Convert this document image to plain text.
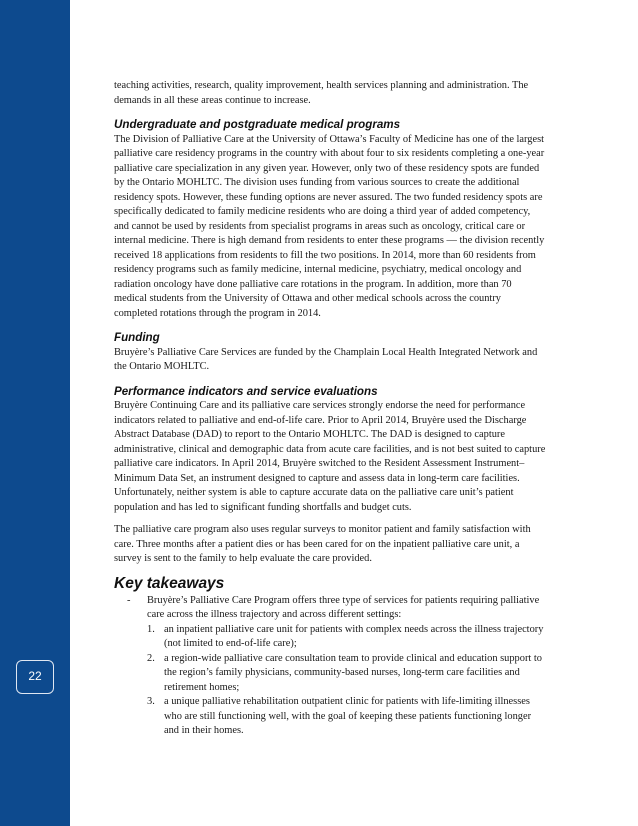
22

teaching activities, research, quality improvement, health services planning and administration. The demands in all these areas continue to increase.

Undergraduate and postgraduate medical programs

The Division of Palliative Care at the University of Ottawa’s Faculty of Medicine has one of the largest palliative care residency programs in the country with about four to six residents completing a one-year palliative care specialization in any given year. However, only two of these residency spots are funded by the Ontario MOHLTC. The division uses funding from various sources to create the additional residency spots. However, these funding options are never assured. The two funded residency spots are specifically dedicated to family medicine residents who are doing a third year of added competency, and cannot be used by residents from specialist programs in areas such as oncology, critical care or internal medicine. There is high demand from residents to enter these programs — the division recently received 18 applications from residents to fill the two positions. In 2014, more than 60 residents from residency programs such as family medicine, internal medicine, psychiatry, medical oncology and radiation oncology have done palliative care rotations in the program. In addition, more than 70 medical students from the University of Ottawa and other medical schools across the country completed rotations through the program in 2014.

Funding

Bruyère’s Palliative Care Services are funded by the Champlain Local Health Integrated Network and the Ontario MOHLTC.

Performance indicators and service evaluations

Bruyère Continuing Care and its palliative care services strongly endorse the need for performance indicators related to palliative and end-of-life care. Prior to April 2014, Bruyère used the Discharge Abstract Database (DAD) to report to the Ontario MOHLTC. The DAD is designed to capture administrative, clinical and demographic data from acute care facilities, and is not best suited to capture palliative care indicators. In April 2014, Bruyère switched to the Resident Assessment Instrument–Minimum Data Set, an instrument designed to capture and assess data in long-term care facilities. Unfortunately, neither system is able to capture accurate data on the palliative care unit’s patient population and has led to significant funding shortfalls and budget cuts.

The palliative care program also uses regular surveys to monitor patient and family satisfaction with care. Three months after a patient dies or has been cared for on the inpatient palliative care unit, a survey is sent to the family to help evaluate the care provided.

Key takeaways
-	Bruyère’s Palliative Care Program offers three type of services for patients requiring palliative care across the illness trajectory and across different settings:
1. an inpatient palliative care unit for patients with complex needs across the illness trajectory (not limited to end-of-life care);
2. a region-wide palliative care consultation team to provide clinical and education support to the region’s family physicians, community-based nurses, long-term care facilities and retirement homes;
3. a unique palliative rehabilitation outpatient clinic for patients with life-limiting illnesses who are still functioning well, with the goal of keeping these patients functioning longer and in their homes.
